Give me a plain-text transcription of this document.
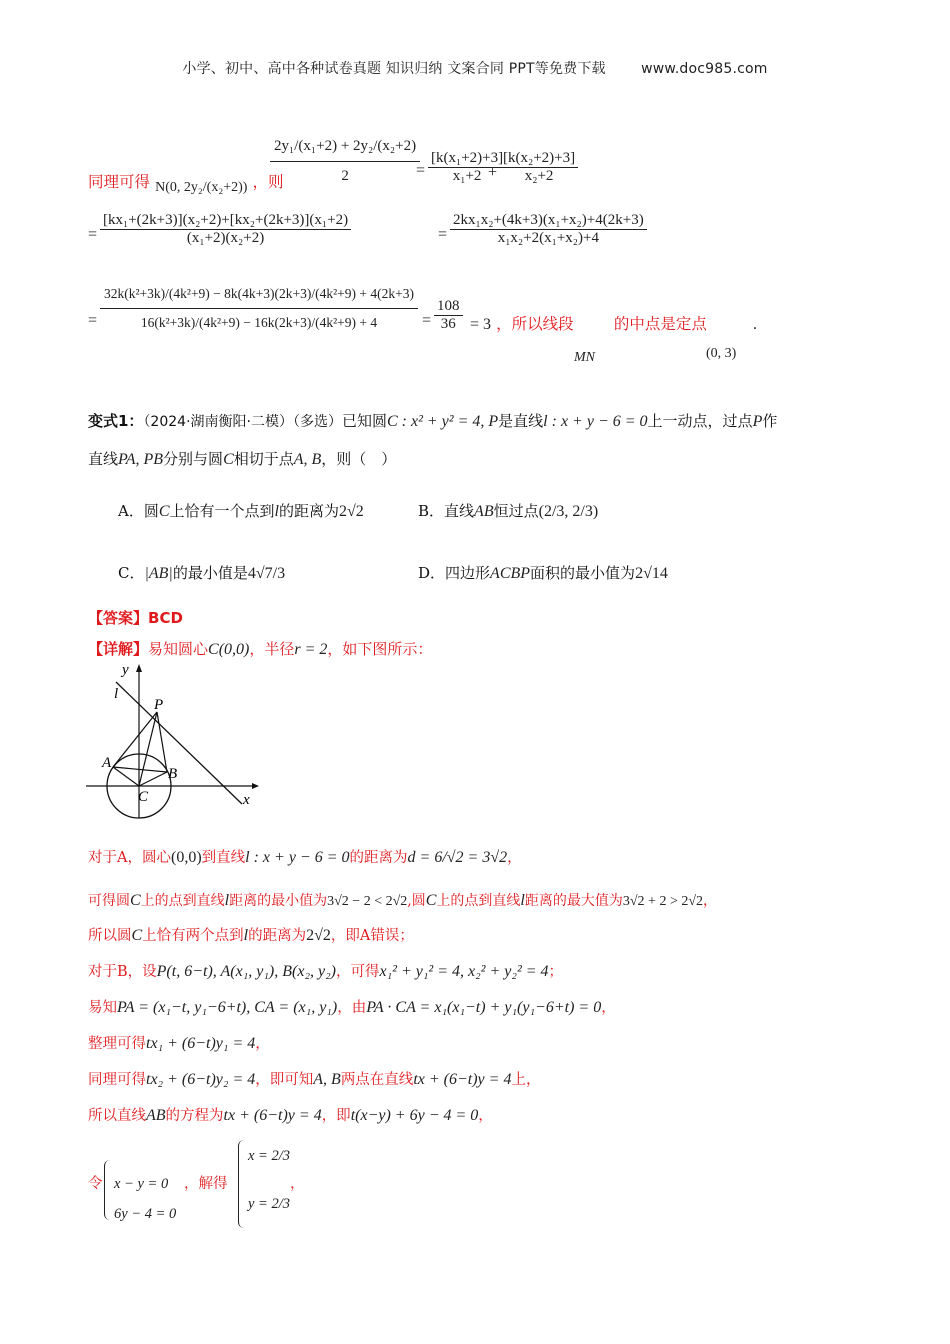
小学、初中、高中各种试卷真题 知识归纳 文案合同 PPT等免费下载	www.doc985.com
同理可得 N(0, 2y₂/(x₂+2)) ，则
$\frac{\text{2y₁/(x₁+2) + 2y₂/(x₂+2)}}{2}$
= $\frac{\text{[k(x₁+2)+3]}}{\text{x₁+2}}$
+ $\frac{\text{[k(x₂+2)+3]}}{\text{x₂+2}}$
= $\frac{\text{[kx₁+(2k+3)](x₂+2)+[kx₂+(2k+3)](x₁+2)}}{\text{(x₁+2)(x₂+2)}}$	= $\frac{\text{2kx₁x₂+(4k+3)(x₁+x₂)+4(2k+3)}}{\text{x₁x₂+2(x₁+x₂)+4}}$
= $\frac{\text{32k(k²+3k)/(4k²+9) − 8k(4k+3)(2k+3)/(4k²+9) + 4(2k+3)}}{\text{16(k²+3k)/(4k²+9) − 16k(2k+3)/(4k²+9) + 4}} = \frac{108}{36} = 3$ ，所以线段	的中点是定点	.
MN	(0, 3)
变式1：（2024·湖南衡阳·二模）（多选）已知圆C : x² + y² = 4, P是直线l : x + y − 6 = 0上一动点，过点P作
直线PA, PB分别与圆C相切于点A, B，则（　）
A．圆C上恰有一个点到l的距离为2√2	B．直线AB恒过点(2/3, 2/3)
C．|AB|的最小值是4√7/3	D．四边形ACBP面积的最小值为2√14
【答案】BCD
【详解】易知圆心C(0,0)，半径r = 2，如下图所示：
y
l
P
A
B
C	x
对于A，圆心(0,0)到直线l : x + y − 6 = 0的距离为d = 6/√2 = 3√2，
可得圆C上的点到直线l距离的最小值为3√2 − 2 < 2√2,圆C上的点到直线l距离的最大值为3√2 + 2 > 2√2，
所以圆C上恰有两个点到l的距离为2√2，即A错误；
对于B，设P(t, 6−t), A(x₁, y₁), B(x₂, y₂)，可得x₁² + y₁² = 4, x₂² + y₂² = 4；
易知PA = (x₁−t, y₁−6+t), CA = (x₁, y₁)，由PA · CA = x₁(x₁−t) + y₁(y₁−6+t) = 0，
整理可得tx₁ + (6−t)y₁ = 4，
同理可得tx₂ + (6−t)y₂ = 4，即可知A, B两点在直线tx + (6−t)y = 4上，
所以直线AB的方程为tx + (6−t)y = 4，即t(x−y) + 6y − 4 = 0，
令 x − y = 0
6y − 4 = 0
，解得
x = 2/3
y = 2/3
，
